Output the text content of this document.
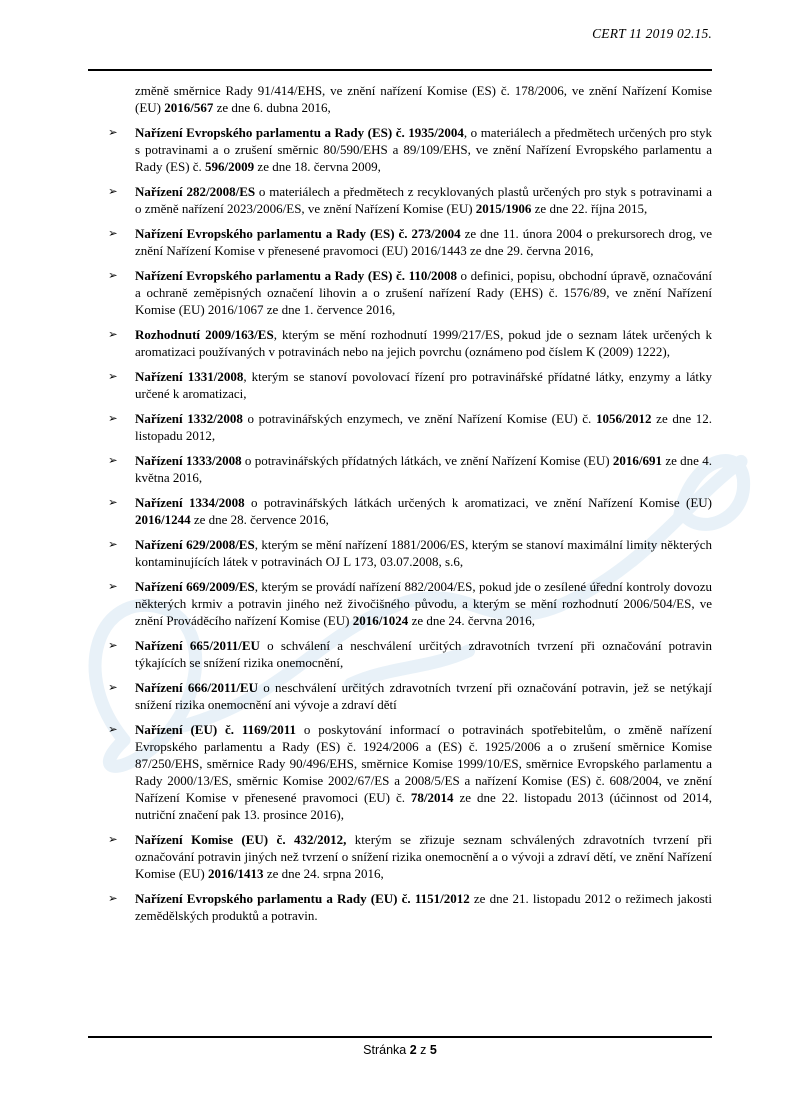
CERT 11 2019 02.15.

změně směrnice Rady 91/414/EHS, ve znění nařízení Komise (ES) č. 178/2006, ve znění Nařízení Komise (EU) 2016/567 ze dne 6. dubna 2016,

➢ Nařízení Evropského parlamentu a Rady (ES) č. 1935/2004, o materiálech a předmětech určených pro styk s potravinami a o zrušení směrnic 80/590/EHS a 89/109/EHS, ve znění Nařízení Evropského parlamentu a Rady (ES) č. 596/2009 ze dne 18. června 2009,
➢ Nařízení 282/2008/ES o materiálech a předmětech z recyklovaných plastů určených pro styk s potravinami a o změně nařízení 2023/2006/ES, ve znění Nařízení Komise (EU) 2015/1906 ze dne 22. října 2015,
➢ Nařízení Evropského parlamentu a Rady (ES) č. 273/2004 ze dne 11. února 2004 o prekursorech drog, ve znění Nařízení Komise v přenesené pravomoci (EU) 2016/1443 ze dne 29. června 2016,
➢ Nařízení Evropského parlamentu a Rady (ES) č. 110/2008 o definici, popisu, obchodní úpravě, označování a ochraně zeměpisných označení lihovin a o zrušení nařízení Rady (EHS) č. 1576/89, ve znění Nařízení Komise (EU) 2016/1067 ze dne 1. července 2016,
➢ Rozhodnutí 2009/163/ES, kterým se mění rozhodnutí 1999/217/ES, pokud jde o seznam látek určených k aromatizaci používaných v potravinách nebo na jejich povrchu (oznámeno pod číslem K (2009) 1222),
➢ Nařízení 1331/2008, kterým se stanoví povolovací řízení pro potravinářské přídatné látky, enzymy a látky určené k aromatizaci,
➢ Nařízení 1332/2008 o potravinářských enzymech, ve znění Nařízení Komise (EU) č. 1056/2012 ze dne 12. listopadu 2012,
➢ Nařízení 1333/2008 o potravinářských přídatných látkách, ve znění Nařízení Komise (EU) 2016/691 ze dne 4. května 2016,
➢ Nařízení 1334/2008 o potravinářských látkách určených k aromatizaci, ve znění Nařízení Komise (EU) 2016/1244 ze dne 28. července 2016,
➢ Nařízení 629/2008/ES, kterým se mění nařízení 1881/2006/ES, kterým se stanoví maximální limity některých kontaminujících látek v potravinách OJ L 173, 03.07.2008, s.6,
➢ Nařízení 669/2009/ES, kterým se provádí nařízení 882/2004/ES, pokud jde o zesílené úřední kontroly dovozu některých krmiv a potravin jiného než živočišného původu, a kterým se mění rozhodnutí 2006/504/ES, ve znění Prováděcího nařízení Komise (EU) 2016/1024 ze dne 24. června 2016,
➢ Nařízení 665/2011/EU o schválení a neschválení určitých zdravotních tvrzení při označování potravin týkajících se snížení rizika onemocnění,
➢ Nařízení 666/2011/EU o neschválení určitých zdravotních tvrzení při označování potravin, jež se netýkají snížení rizika onemocnění ani vývoje a zdraví dětí
➢ Nařízení (EU) č. 1169/2011 o poskytování informací o potravinách spotřebitelům, o změně nařízení Evropského parlamentu a Rady (ES) č. 1924/2006 a (ES) č. 1925/2006 a o zrušení směrnice Komise 87/250/EHS, směrnice Rady 90/496/EHS, směrnice Komise 1999/10/ES, směrnice Evropského parlamentu a Rady 2000/13/ES, směrnic Komise 2002/67/ES a 2008/5/ES a nařízení Komise (ES) č. 608/2004, ve znění Nařízení Komise v přenesené pravomoci (EU) č. 78/2014 ze dne 22. listopadu 2013 (účinnost od 2014, nutriční značení pak 13. prosince 2016),
➢ Nařízení Komise (EU) č. 432/2012, kterým se zřizuje seznam schválených zdravotních tvrzení při označování potravin jiných než tvrzení o snížení rizika onemocnění a o vývoji a zdraví dětí, ve znění Nařízení Komise (EU) 2016/1413 ze dne 24. srpna 2016,
➢ Nařízení Evropského parlamentu a Rady (EU) č. 1151/2012 ze dne 21. listopadu 2012 o režimech jakosti zemědělských produktů a potravin.
Stránka 2 z 5
